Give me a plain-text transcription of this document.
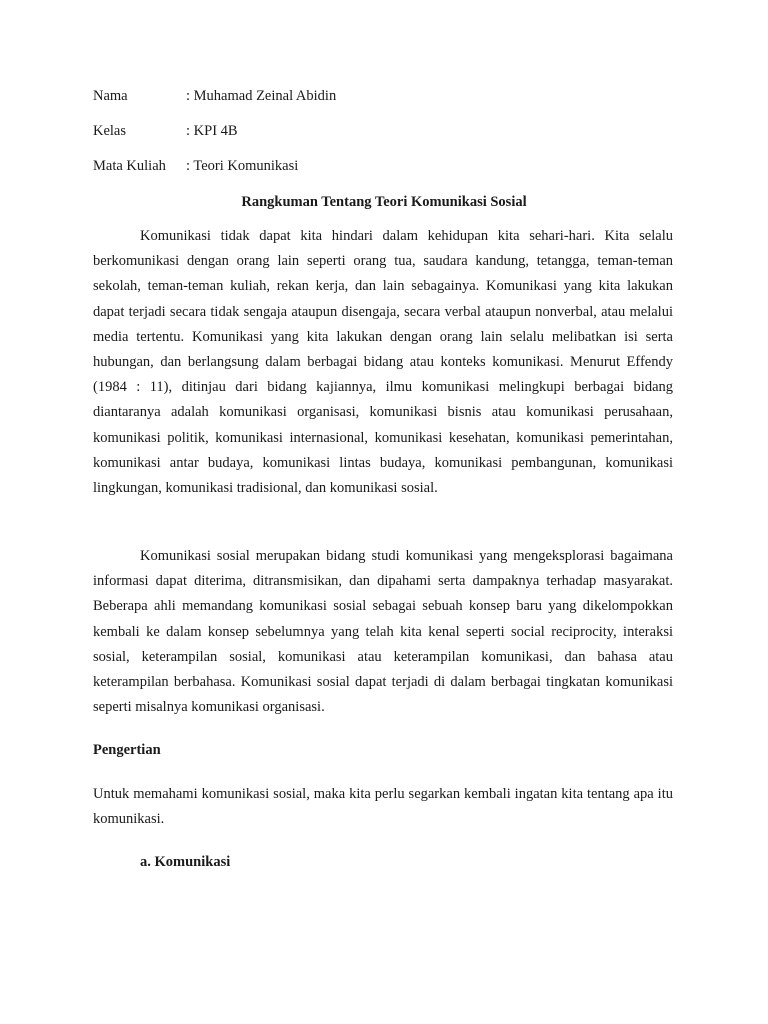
Nama	: Muhamad Zeinal Abidin
Kelas	: KPI 4B
Mata Kuliah : Teori Komunikasi
Rangkuman Tentang Teori Komunikasi Sosial

Komunikasi tidak dapat kita hindari dalam kehidupan kita sehari-hari. Kita selalu berkomunikasi dengan orang lain seperti orang tua, saudara kandung, tetangga, teman-teman sekolah, teman-teman kuliah, rekan kerja, dan lain sebagainya. Komunikasi yang kita lakukan dapat terjadi secara tidak sengaja ataupun disengaja, secara verbal ataupun nonverbal, atau melalui media tertentu. Komunikasi yang kita lakukan dengan orang lain selalu melibatkan isi serta hubungan, dan berlangsung dalam berbagai bidang atau konteks komunikasi. Menurut Effendy (1984 : 11), ditinjau dari bidang kajiannya, ilmu komunikasi melingkupi berbagai bidang diantaranya adalah komunikasi organisasi, komunikasi bisnis atau komunikasi perusahaan, komunikasi politik, komunikasi internasional, komunikasi kesehatan, komunikasi pemerintahan, komunikasi antar budaya, komunikasi lintas budaya, komunikasi pembangunan, komunikasi lingkungan, komunikasi tradisional, dan komunikasi sosial.

Komunikasi sosial merupakan bidang studi komunikasi yang mengeksplorasi bagaimana informasi dapat diterima, ditransmisikan, dan dipahami serta dampaknya terhadap masyarakat. Beberapa ahli memandang komunikasi sosial sebagai sebuah konsep baru yang dikelompokkan kembali ke dalam konsep sebelumnya yang telah kita kenal seperti social reciprocity, interaksi sosial, keterampilan sosial, komunikasi atau keterampilan komunikasi, dan bahasa atau keterampilan berbahasa. Komunikasi sosial dapat terjadi di dalam berbagai tingkatan komunikasi seperti misalnya komunikasi organisasi.

Pengertian

Untuk memahami komunikasi sosial, maka kita perlu segarkan kembali ingatan kita tentang apa itu komunikasi.

a. Komunikasi
